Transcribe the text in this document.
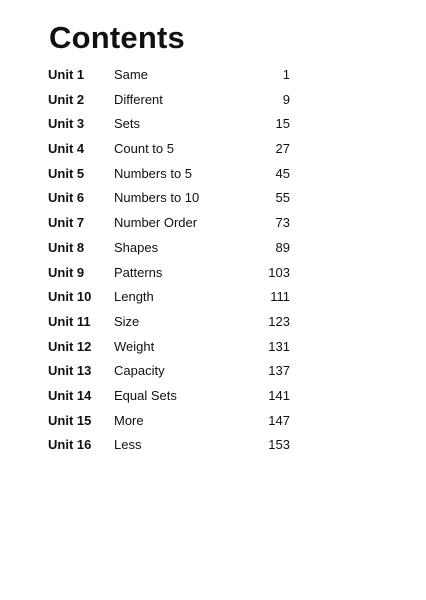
Contents
Unit 1 Same	1
Unit 2 Different	9
Unit 3 Sets	15
Unit 4 Count to 5	27
Unit 5 Numbers to 5	45
Unit 6 Numbers to 10	55
Unit 7 Number Order	73
Unit 8 Shapes	89
Unit 9 Patterns	103
Unit 10 Length	111
Unit 11 Size	123
Unit 12 Weight	131
Unit 13 Capacity	137
Unit 14 Equal Sets	141
Unit 15 More	147
Unit 16 Less	153
